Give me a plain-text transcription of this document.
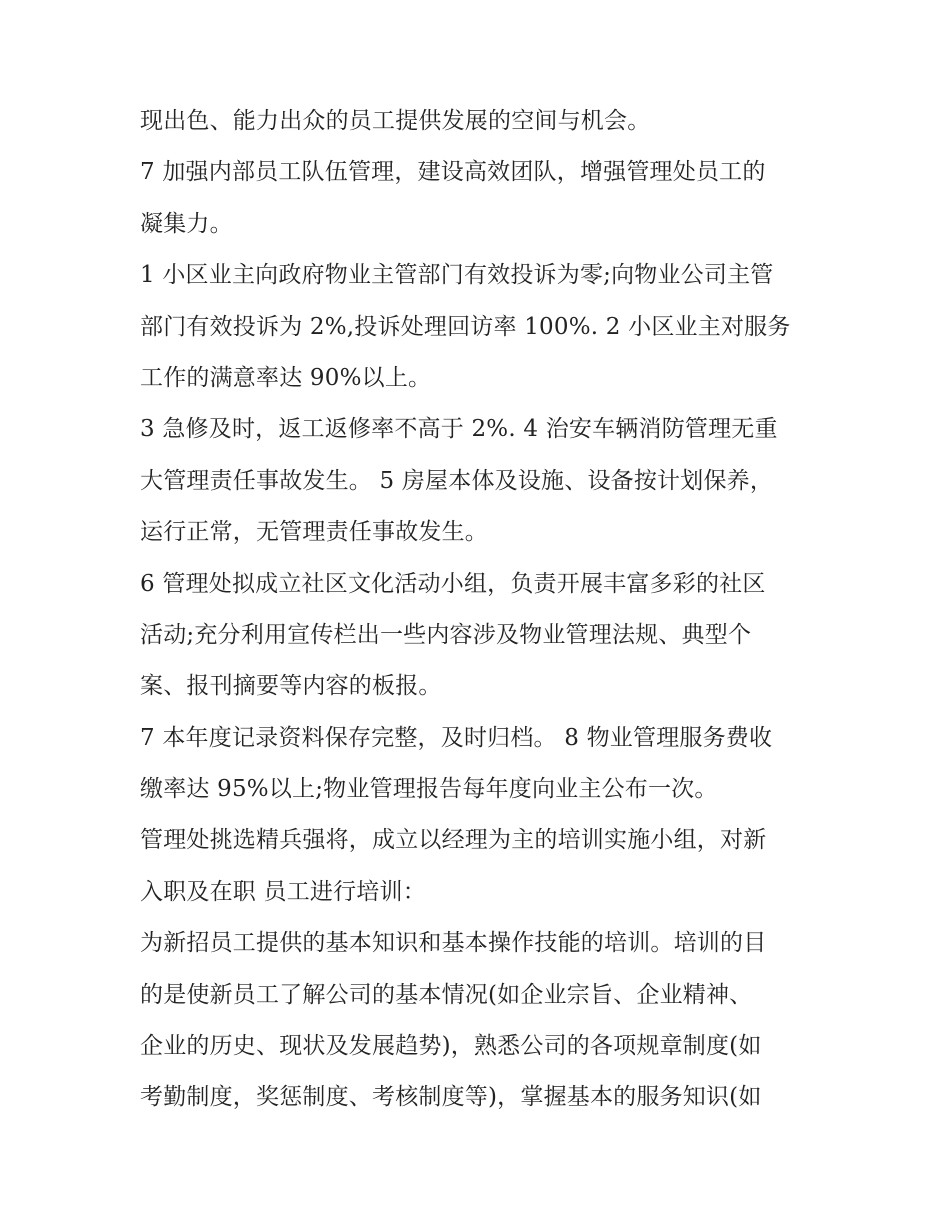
现出色、能力出众的员工提供发展的空间与机会。
7 加强内部员工队伍管理，建设高效团队，增强管理处员工的
凝集力。
1 小区业主向政府物业主管部门有效投诉为零;向物业公司主管
部门有效投诉为 2%,投诉处理回访率 100%. 2 小区业主对服务
工作的满意率达 90%以上。
3 急修及时，返工返修率不高于 2%. 4 治安车辆消防管理无重
大管理责任事故发生。 5 房屋本体及设施、设备按计划保养，
运行正常，无管理责任事故发生。
6 管理处拟成立社区文化活动小组，负责开展丰富多彩的社区
活动;充分利用宣传栏出一些内容涉及物业管理法规、典型个
案、报刊摘要等内容的板报。
7 本年度记录资料保存完整，及时归档。 8 物业管理服务费收
缴率达 95%以上;物业管理报告每年度向业主公布一次。
管理处挑选精兵强将，成立以经理为主的培训实施小组，对新
入职及在职 员工进行培训：
为新招员工提供的基本知识和基本操作技能的培训。培训的目
的是使新员工了解公司的基本情况(如企业宗旨、企业精神、
企业的历史、现状及发展趋势)，熟悉公司的各项规章制度(如
考勤制度，奖惩制度、考核制度等)，掌握基本的服务知识(如
